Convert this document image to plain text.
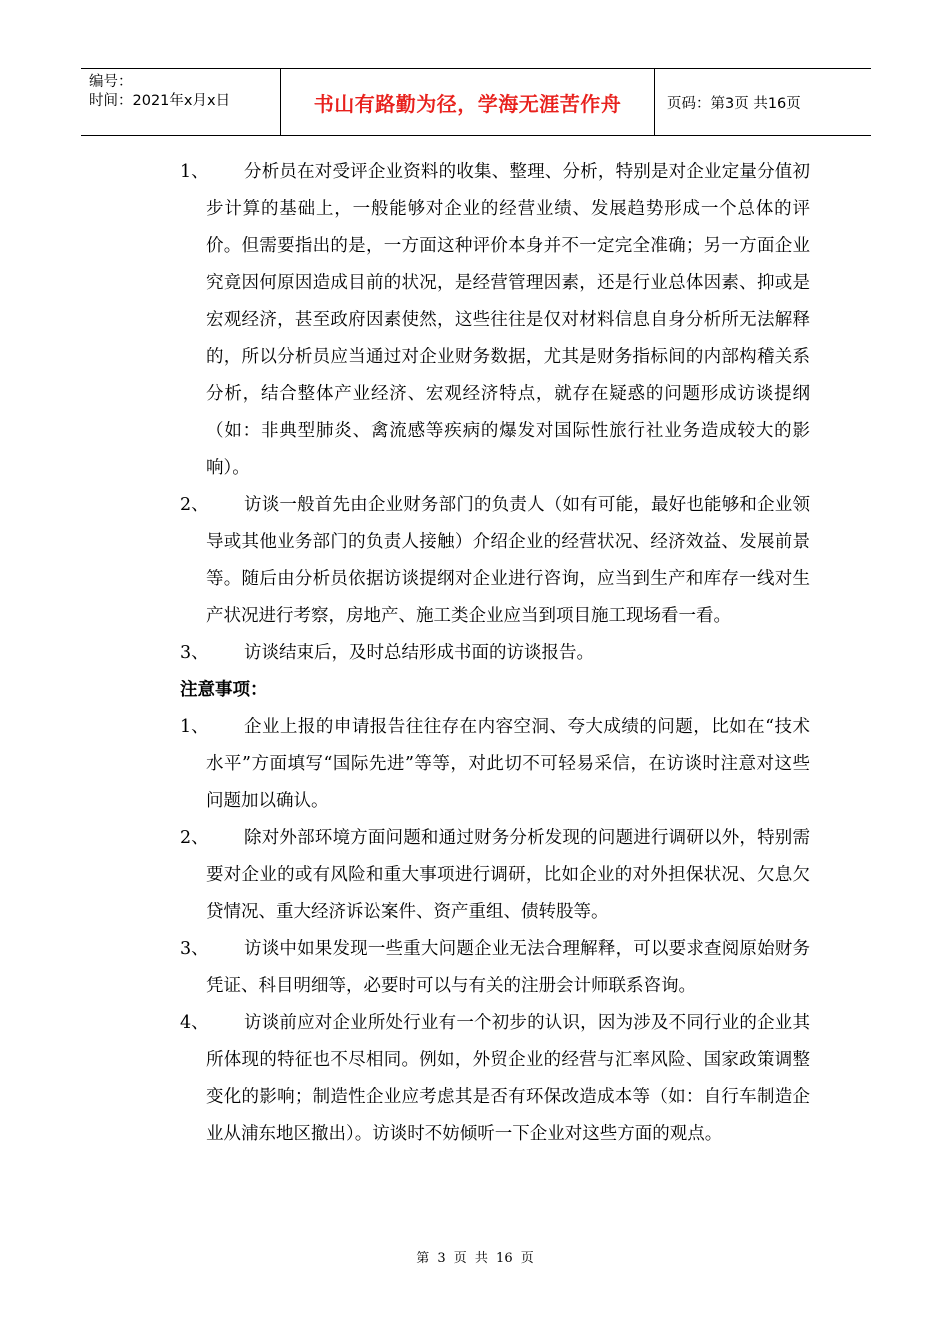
编号：
时间：2021年x月x日	书山有路勤为径，学海无涯苦作舟	页码：第3页 共16页

1、 分析员在对受评企业资料的收集、整理、分析，特别是对企业定量分值初步计算的基础上，一般能够对企业的经营业绩、发展趋势形成一个总体的评价。但需要指出的是，一方面这种评价本身并不一定完全准确；另一方面企业究竟因何原因造成目前的状况，是经营管理因素，还是行业总体因素、抑或是宏观经济，甚至政府因素使然，这些往往是仅对材料信息自身分析所无法解释的，所以分析员应当通过对企业财务数据，尤其是财务指标间的内部构稽关系分析，结合整体产业经济、宏观经济特点，就存在疑惑的问题形成访谈提纲（如：非典型肺炎、禽流感等疾病的爆发对国际性旅行社业务造成较大的影响）。

2、 访谈一般首先由企业财务部门的负责人（如有可能，最好也能够和企业领导或其他业务部门的负责人接触）介绍企业的经营状况、经济效益、发展前景等。随后由分析员依据访谈提纲对企业进行咨询，应当到生产和库存一线对生产状况进行考察，房地产、施工类企业应当到项目施工现场看一看。

3、 访谈结束后，及时总结形成书面的访谈报告。

注意事项：

1、 企业上报的申请报告往往存在内容空洞、夸大成绩的问题，比如在“技术水平”方面填写“国际先进”等等，对此切不可轻易采信，在访谈时注意对这些问题加以确认。

2、 除对外部环境方面问题和通过财务分析发现的问题进行调研以外，特别需要对企业的或有风险和重大事项进行调研，比如企业的对外担保状况、欠息欠贷情况、重大经济诉讼案件、资产重组、债转股等。

3、 访谈中如果发现一些重大问题企业无法合理解释，可以要求查阅原始财务凭证、科目明细等，必要时可以与有关的注册会计师联系咨询。

4、 访谈前应对企业所处行业有一个初步的认识，因为涉及不同行业的企业其所体现的特征也不尽相同。例如，外贸企业的经营与汇率风险、国家政策调整变化的影响；制造性企业应考虑其是否有环保改造成本等（如：自行车制造企业从浦东地区撤出）。访谈时不妨倾听一下企业对这些方面的观点。

第 3 页 共 16 页
